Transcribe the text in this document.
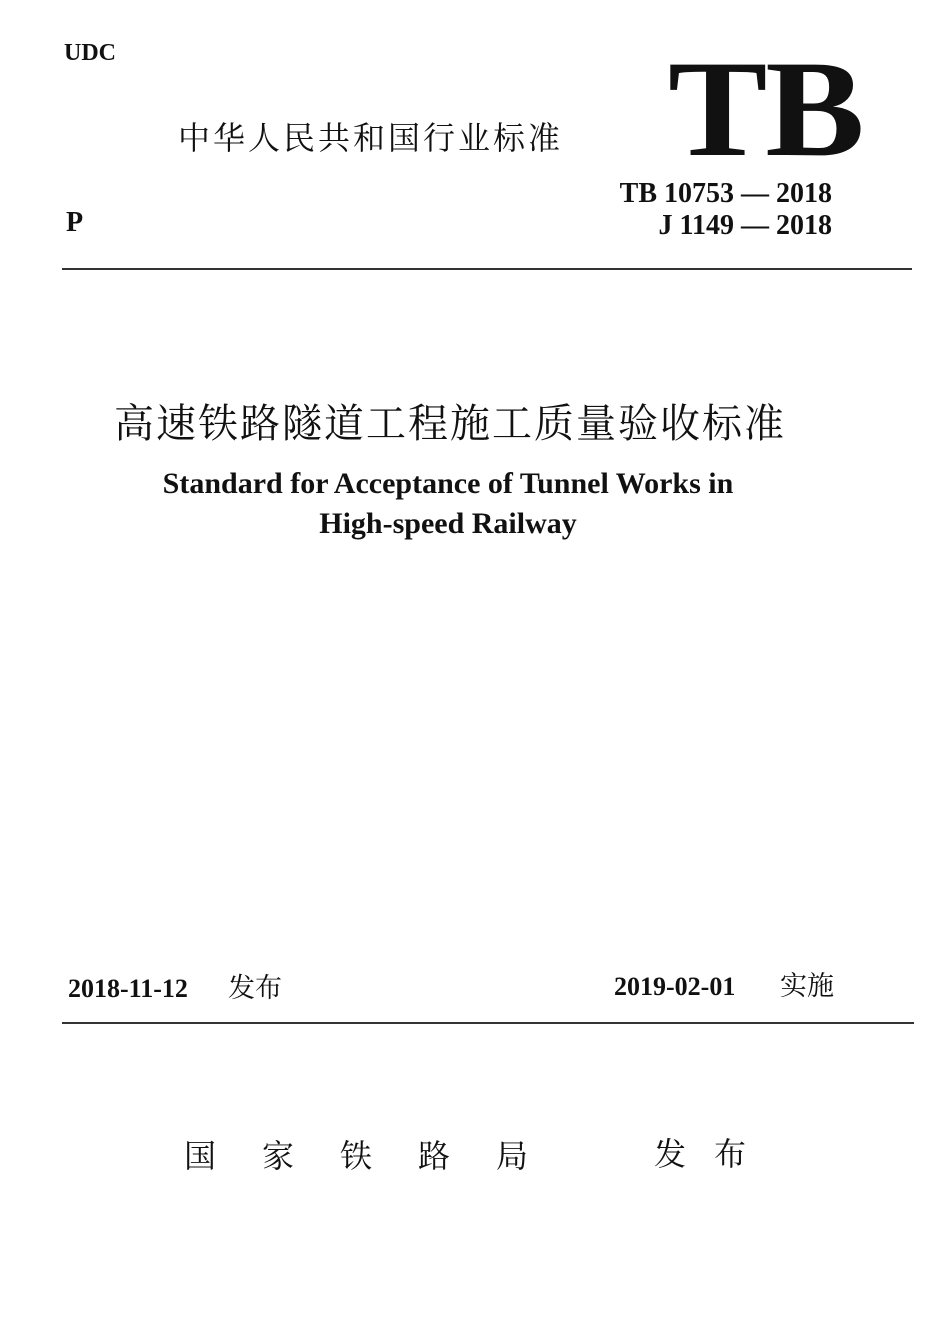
UDC
中华人民共和国行业标准 TB
TB 10753 — 2018
J 1149 — 2018
P
高速铁路隧道工程施工质量验收标准
Standard for Acceptance of Tunnel Works in
High-speed Railway
2018-11-12 发布	2019-02-01 实施
国家铁路局 发布
